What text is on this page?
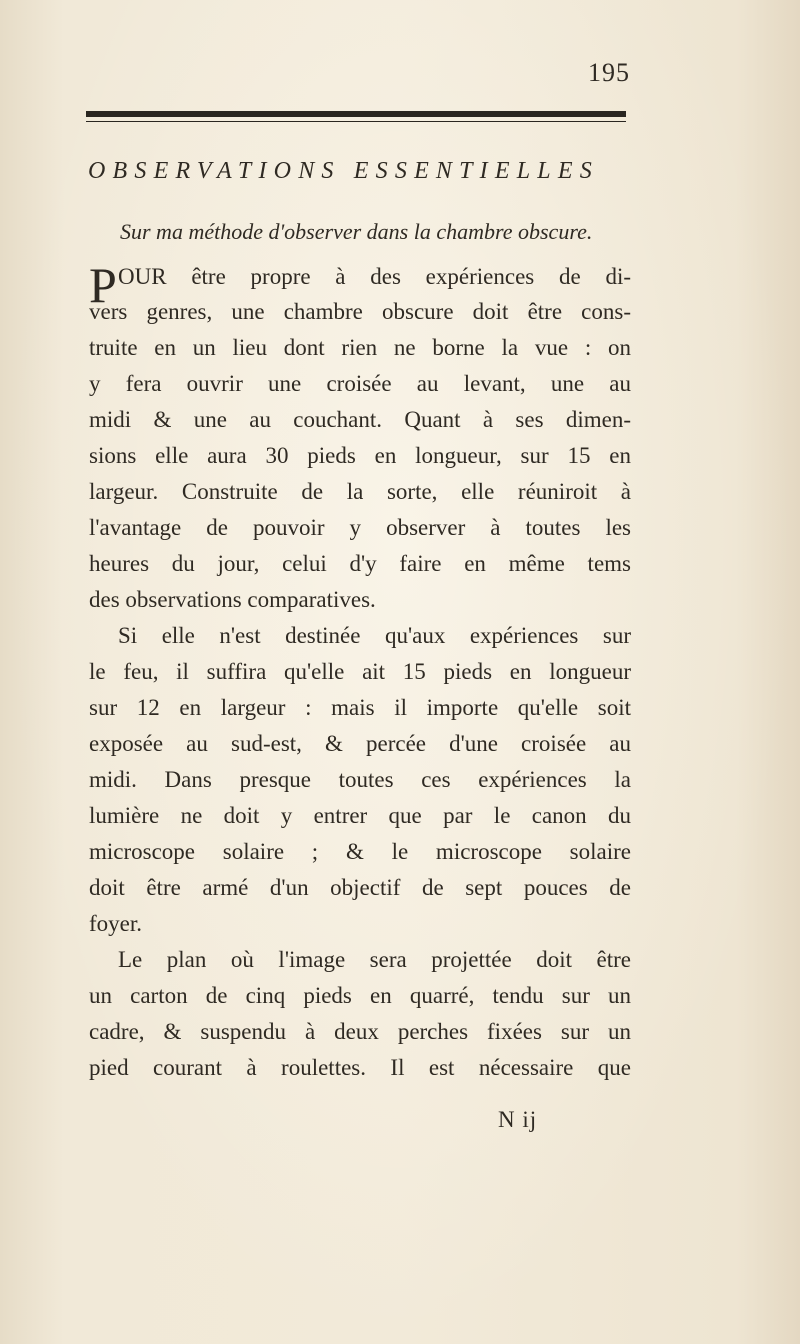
195
OBSERVATIONS ESSENTIELLES
Sur ma méthode d'observer dans la chambre obscure.
P OUR être propre à des expériences de di-
vers genres, une chambre obscure doit être cons-
truite en un lieu dont rien ne borne la vue : on
y fera ouvrir une croisée au levant, une au
midi & une au couchant. Quant à ses dimen-
sions elle aura 30 pieds en longueur, sur 15 en
largeur. Construite de la sorte, elle réuniroit à
l'avantage de pouvoir y observer à toutes les
heures du jour, celui d'y faire en même tems
des observations comparatives.
Si elle n'est destinée qu'aux expériences sur
le feu, il suffira qu'elle ait 15 pieds en longueur
sur 12 en largeur : mais il importe qu'elle soit
exposée au sud-est, & percée d'une croisée au
midi. Dans presque toutes ces expériences la
lumière ne doit y entrer que par le canon du
microscope solaire ; & le microscope solaire
doit être armé d'un objectif de sept pouces de
foyer.
Le plan où l'image sera projettée doit être
un carton de cinq pieds en quarré, tendu sur un
cadre, & suspendu à deux perches fixées sur un
pied courant à roulettes. Il est nécessaire que
N ij
